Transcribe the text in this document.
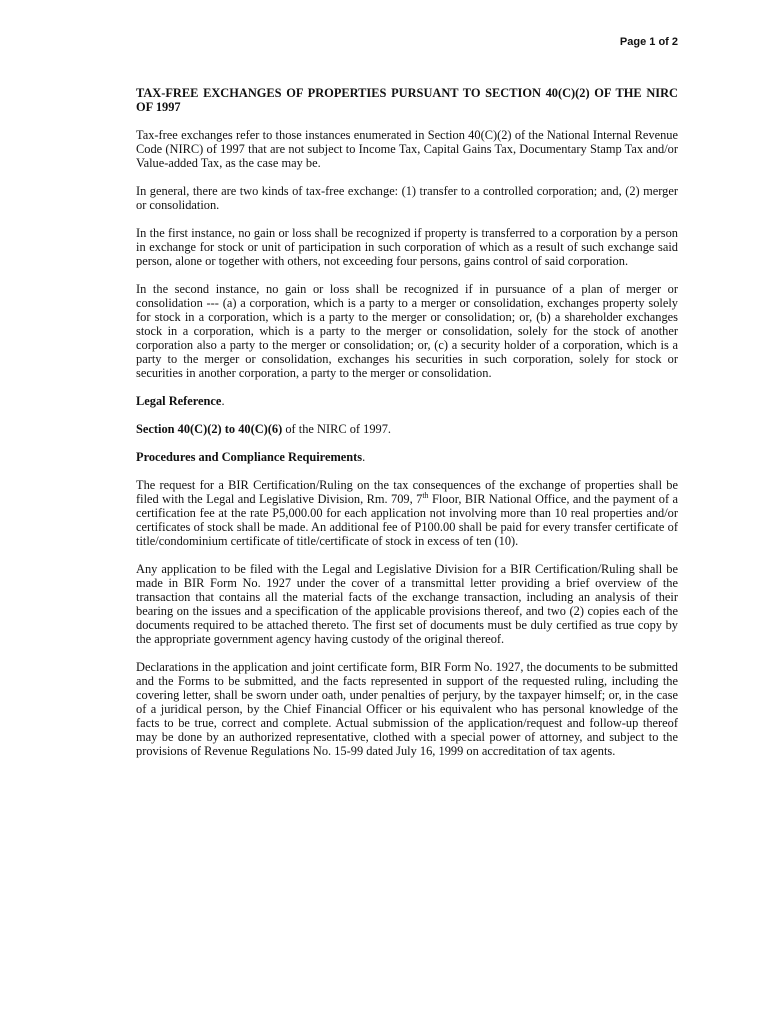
Page 1 of 2

TAX-FREE EXCHANGES OF PROPERTIES PURSUANT TO SECTION 40(C)(2) OF THE NIRC OF 1997

Tax-free exchanges refer to those instances enumerated in Section 40(C)(2) of the National Internal Revenue Code (NIRC) of 1997 that are not subject to Income Tax, Capital Gains Tax, Documentary Stamp Tax and/or Value-added Tax, as the case may be.

In general, there are two kinds of tax-free exchange: (1) transfer to a controlled corporation; and, (2) merger or consolidation.

In the first instance, no gain or loss shall be recognized if property is transferred to a corporation by a person in exchange for stock or unit of participation in such corporation of which as a result of such exchange said person, alone or together with others, not exceeding four persons, gains control of said corporation.

In the second instance, no gain or loss shall be recognized if in pursuance of a plan of merger or consolidation --- (a) a corporation, which is a party to a merger or consolidation, exchanges property solely for stock in a corporation, which is a party to the merger or consolidation; or, (b) a shareholder exchanges stock in a corporation, which is a party to the merger or consolidation, solely for the stock of another corporation also a party to the merger or consolidation; or, (c) a security holder of a corporation, which is a party to the merger or consolidation, exchanges his securities in such corporation, solely for stock or securities in another corporation, a party to the merger or consolidation.

Legal Reference.

Section 40(C)(2) to 40(C)(6) of the NIRC of 1997.

Procedures and Compliance Requirements.

The request for a BIR Certification/Ruling on the tax consequences of the exchange of properties shall be filed with the Legal and Legislative Division, Rm. 709, 7th Floor, BIR National Office, and the payment of a certification fee at the rate P5,000.00 for each application not involving more than 10 real properties and/or certificates of stock shall be made. An additional fee of P100.00 shall be paid for every transfer certificate of title/condominium certificate of title/certificate of stock in excess of ten (10).

Any application to be filed with the Legal and Legislative Division for a BIR Certification/Ruling shall be made in BIR Form No. 1927 under the cover of a transmittal letter providing a brief overview of the transaction that contains all the material facts of the exchange transaction, including an analysis of their bearing on the issues and a specification of the applicable provisions thereof, and two (2) copies each of the documents required to be attached thereto. The first set of documents must be duly certified as true copy by the appropriate government agency having custody of the original thereof.

Declarations in the application and joint certificate form, BIR Form No. 1927, the documents to be submitted and the Forms to be submitted, and the facts represented in support of the requested ruling, including the covering letter, shall be sworn under oath, under penalties of perjury, by the taxpayer himself; or, in the case of a juridical person, by the Chief Financial Officer or his equivalent who has personal knowledge of the facts to be true, correct and complete. Actual submission of the application/request and follow-up thereof may be done by an authorized representative, clothed with a special power of attorney, and subject to the provisions of Revenue Regulations No. 15-99 dated July 16, 1999 on accreditation of tax agents.
